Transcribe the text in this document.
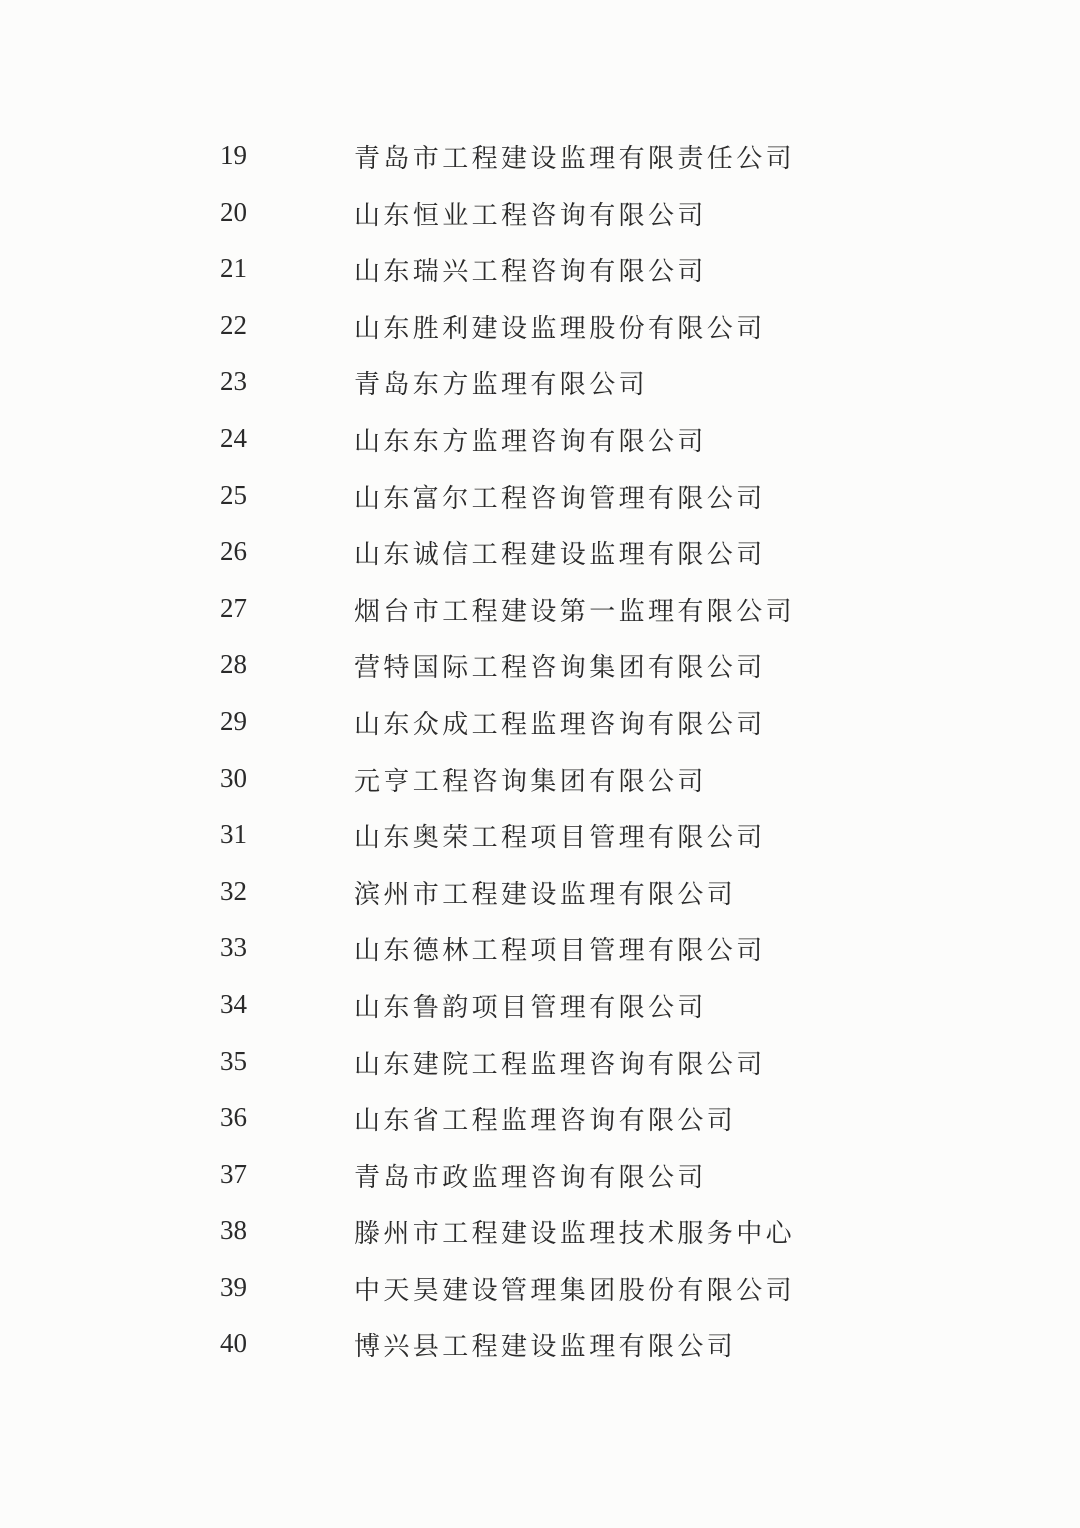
19	青岛市工程建设监理有限责任公司
20	山东恒业工程咨询有限公司
21	山东瑞兴工程咨询有限公司
22	山东胜利建设监理股份有限公司
23	青岛东方监理有限公司
24	山东东方监理咨询有限公司
25	山东富尔工程咨询管理有限公司
26	山东诚信工程建设监理有限公司
27	烟台市工程建设第一监理有限公司
28	营特国际工程咨询集团有限公司
29	山东众成工程监理咨询有限公司
30	元亨工程咨询集团有限公司
31	山东奥荣工程项目管理有限公司
32	滨州市工程建设监理有限公司
33	山东德林工程项目管理有限公司
34	山东鲁韵项目管理有限公司
35	山东建院工程监理咨询有限公司
36	山东省工程监理咨询有限公司
37	青岛市政监理咨询有限公司
38	滕州市工程建设监理技术服务中心
39	中天昊建设管理集团股份有限公司
40	博兴县工程建设监理有限公司
